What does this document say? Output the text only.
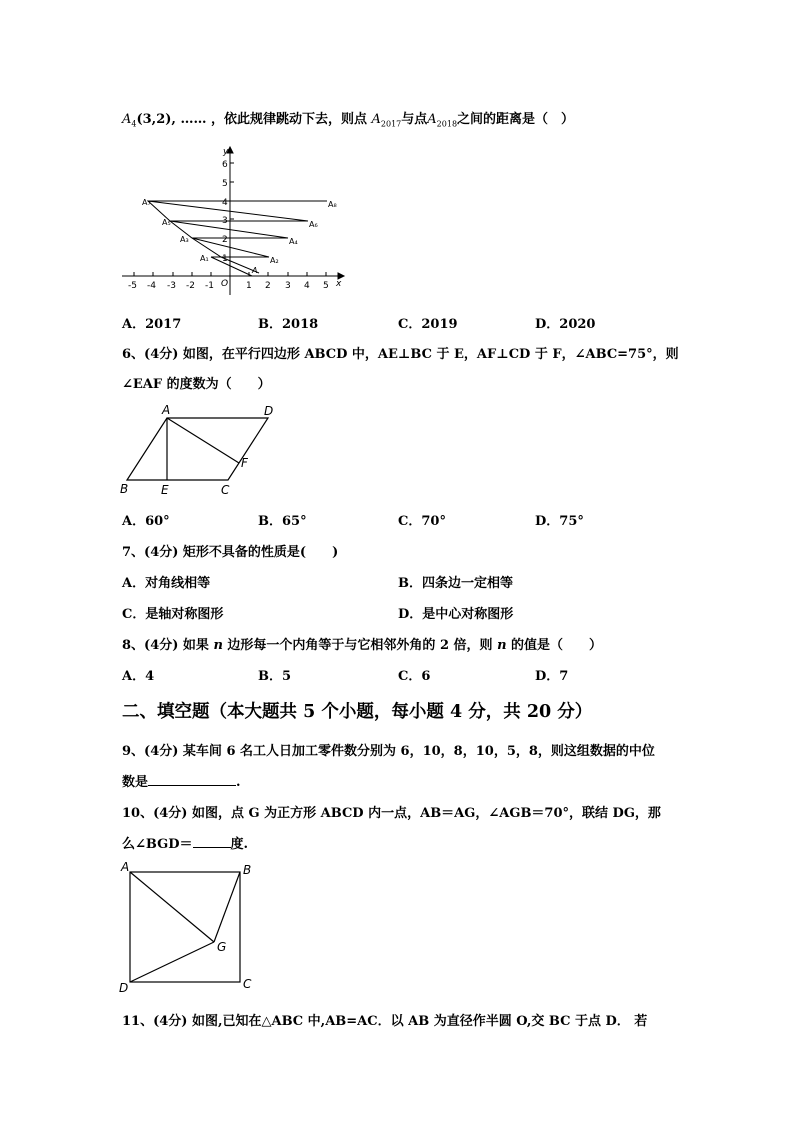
$A_4(3,2)$, …… ，依此规律跳动下去，则点 $A_{2017}$与点$A_{2018}$之间的距离是（　）
-5 -4 -3 -2 -1	1 2 3 4 5
1
2
3
4
5
6
x
y
O
A
A₁	A₂
A₃	A₄
A₅	A₆
A₇	A₈
A．2017	B．2018	C．2019	D．2020
6、(4分) 如图，在平行四边形 ABCD 中，AE⊥BC 于 E，AF⊥CD 于 F，∠ABC=75°，则
∠EAF 的度数为（　　）
A	D
B	E	C
F
A．60°	B．65°	C．70°	D．75°
7、(4分) 矩形不具备的性质是(　　)
A．对角线相等	B．四条边一定相等
C．是轴对称图形	D．是中心对称图形
8、(4分) 如果 n 边形每一个内角等于与它相邻外角的 2 倍，则 n 的值是（　　）
A．4	B．5	C．6	D．7
二、填空题（本大题共 5 个小题，每小题 4 分，共 20 分）
9、(4分) 某车间 6 名工人日加工零件数分别为 6，10，8，10，5，8，则这组数据的中位
数是	.
10、(4分) 如图，点 G 为正方形 ABCD 内一点，AB＝AG，∠AGB＝70°，联结 DG，那
么∠BGD＝	度.
A	B
G
D	C
11、(4分) 如图,已知在△ABC 中,AB=AC．以 AB 为直径作半圆 O,交 BC 于点 D． 若
